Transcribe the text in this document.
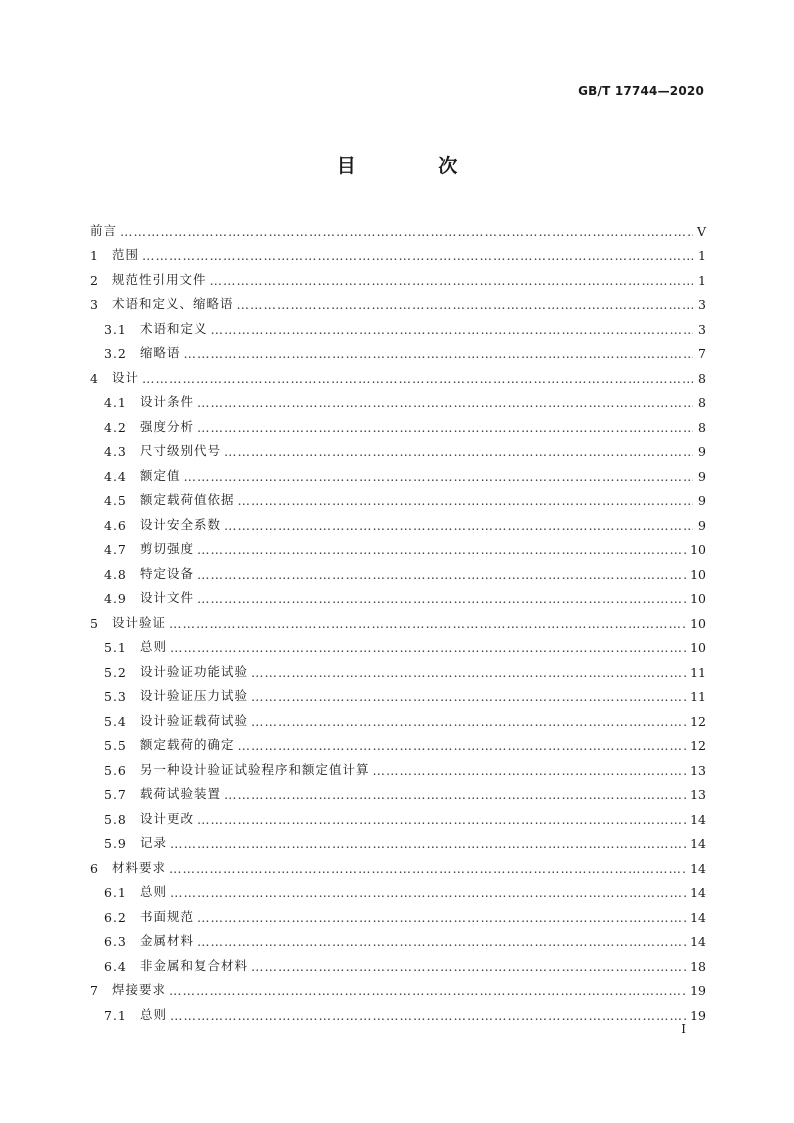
GB/T 17744—2020
目 次
前言 ………………………………………………………………………………………………………………………………………………………………	Ⅴ
1	范围 ………………………………………………………………………………………………………………………………………………………………	1
2	规范性引用文件 ………………………………………………………………………………………………………………………………………………………………	1
3	术语和定义、缩略语 ………………………………………………………………………………………………………………………………………………………………	3
3.1	术语和定义 ………………………………………………………………………………………………………………………………………………………………	3
3.2	缩略语 ………………………………………………………………………………………………………………………………………………………………	7
4	设计 ………………………………………………………………………………………………………………………………………………………………	8
4.1	设计条件 ………………………………………………………………………………………………………………………………………………………………	8
4.2	强度分析 ………………………………………………………………………………………………………………………………………………………………	8
4.3	尺寸级别代号 ………………………………………………………………………………………………………………………………………………………………	9
4.4	额定值 ………………………………………………………………………………………………………………………………………………………………	9
4.5	额定载荷值依据 ………………………………………………………………………………………………………………………………………………………………	9
4.6	设计安全系数 ………………………………………………………………………………………………………………………………………………………………	9
4.7	剪切强度 ………………………………………………………………………………………………………………………………………………………………	10
4.8	特定设备 ………………………………………………………………………………………………………………………………………………………………	10
4.9	设计文件 ………………………………………………………………………………………………………………………………………………………………	10
5	设计验证 ………………………………………………………………………………………………………………………………………………………………	10
5.1	总则 ………………………………………………………………………………………………………………………………………………………………	10
5.2	设计验证功能试验 ………………………………………………………………………………………………………………………………………………………………	11
5.3	设计验证压力试验 ………………………………………………………………………………………………………………………………………………………………	11
5.4	设计验证载荷试验 ………………………………………………………………………………………………………………………………………………………………	12
5.5	额定载荷的确定 ………………………………………………………………………………………………………………………………………………………………	12
5.6	另一种设计验证试验程序和额定值计算 ………………………………………………………………………………………………………………………………………………………………	13
5.7	载荷试验装置 ………………………………………………………………………………………………………………………………………………………………	13
5.8	设计更改 ………………………………………………………………………………………………………………………………………………………………	14
5.9	记录 ………………………………………………………………………………………………………………………………………………………………	14
6	材料要求 ………………………………………………………………………………………………………………………………………………………………	14
6.1	总则 ………………………………………………………………………………………………………………………………………………………………	14
6.2	书面规范 ………………………………………………………………………………………………………………………………………………………………	14
6.3	金属材料 ………………………………………………………………………………………………………………………………………………………………	14
6.4	非金属和复合材料 ………………………………………………………………………………………………………………………………………………………………	18
7	焊接要求 ………………………………………………………………………………………………………………………………………………………………	19
7.1	总则 ………………………………………………………………………………………………………………………………………………………………	19
Ⅰ
